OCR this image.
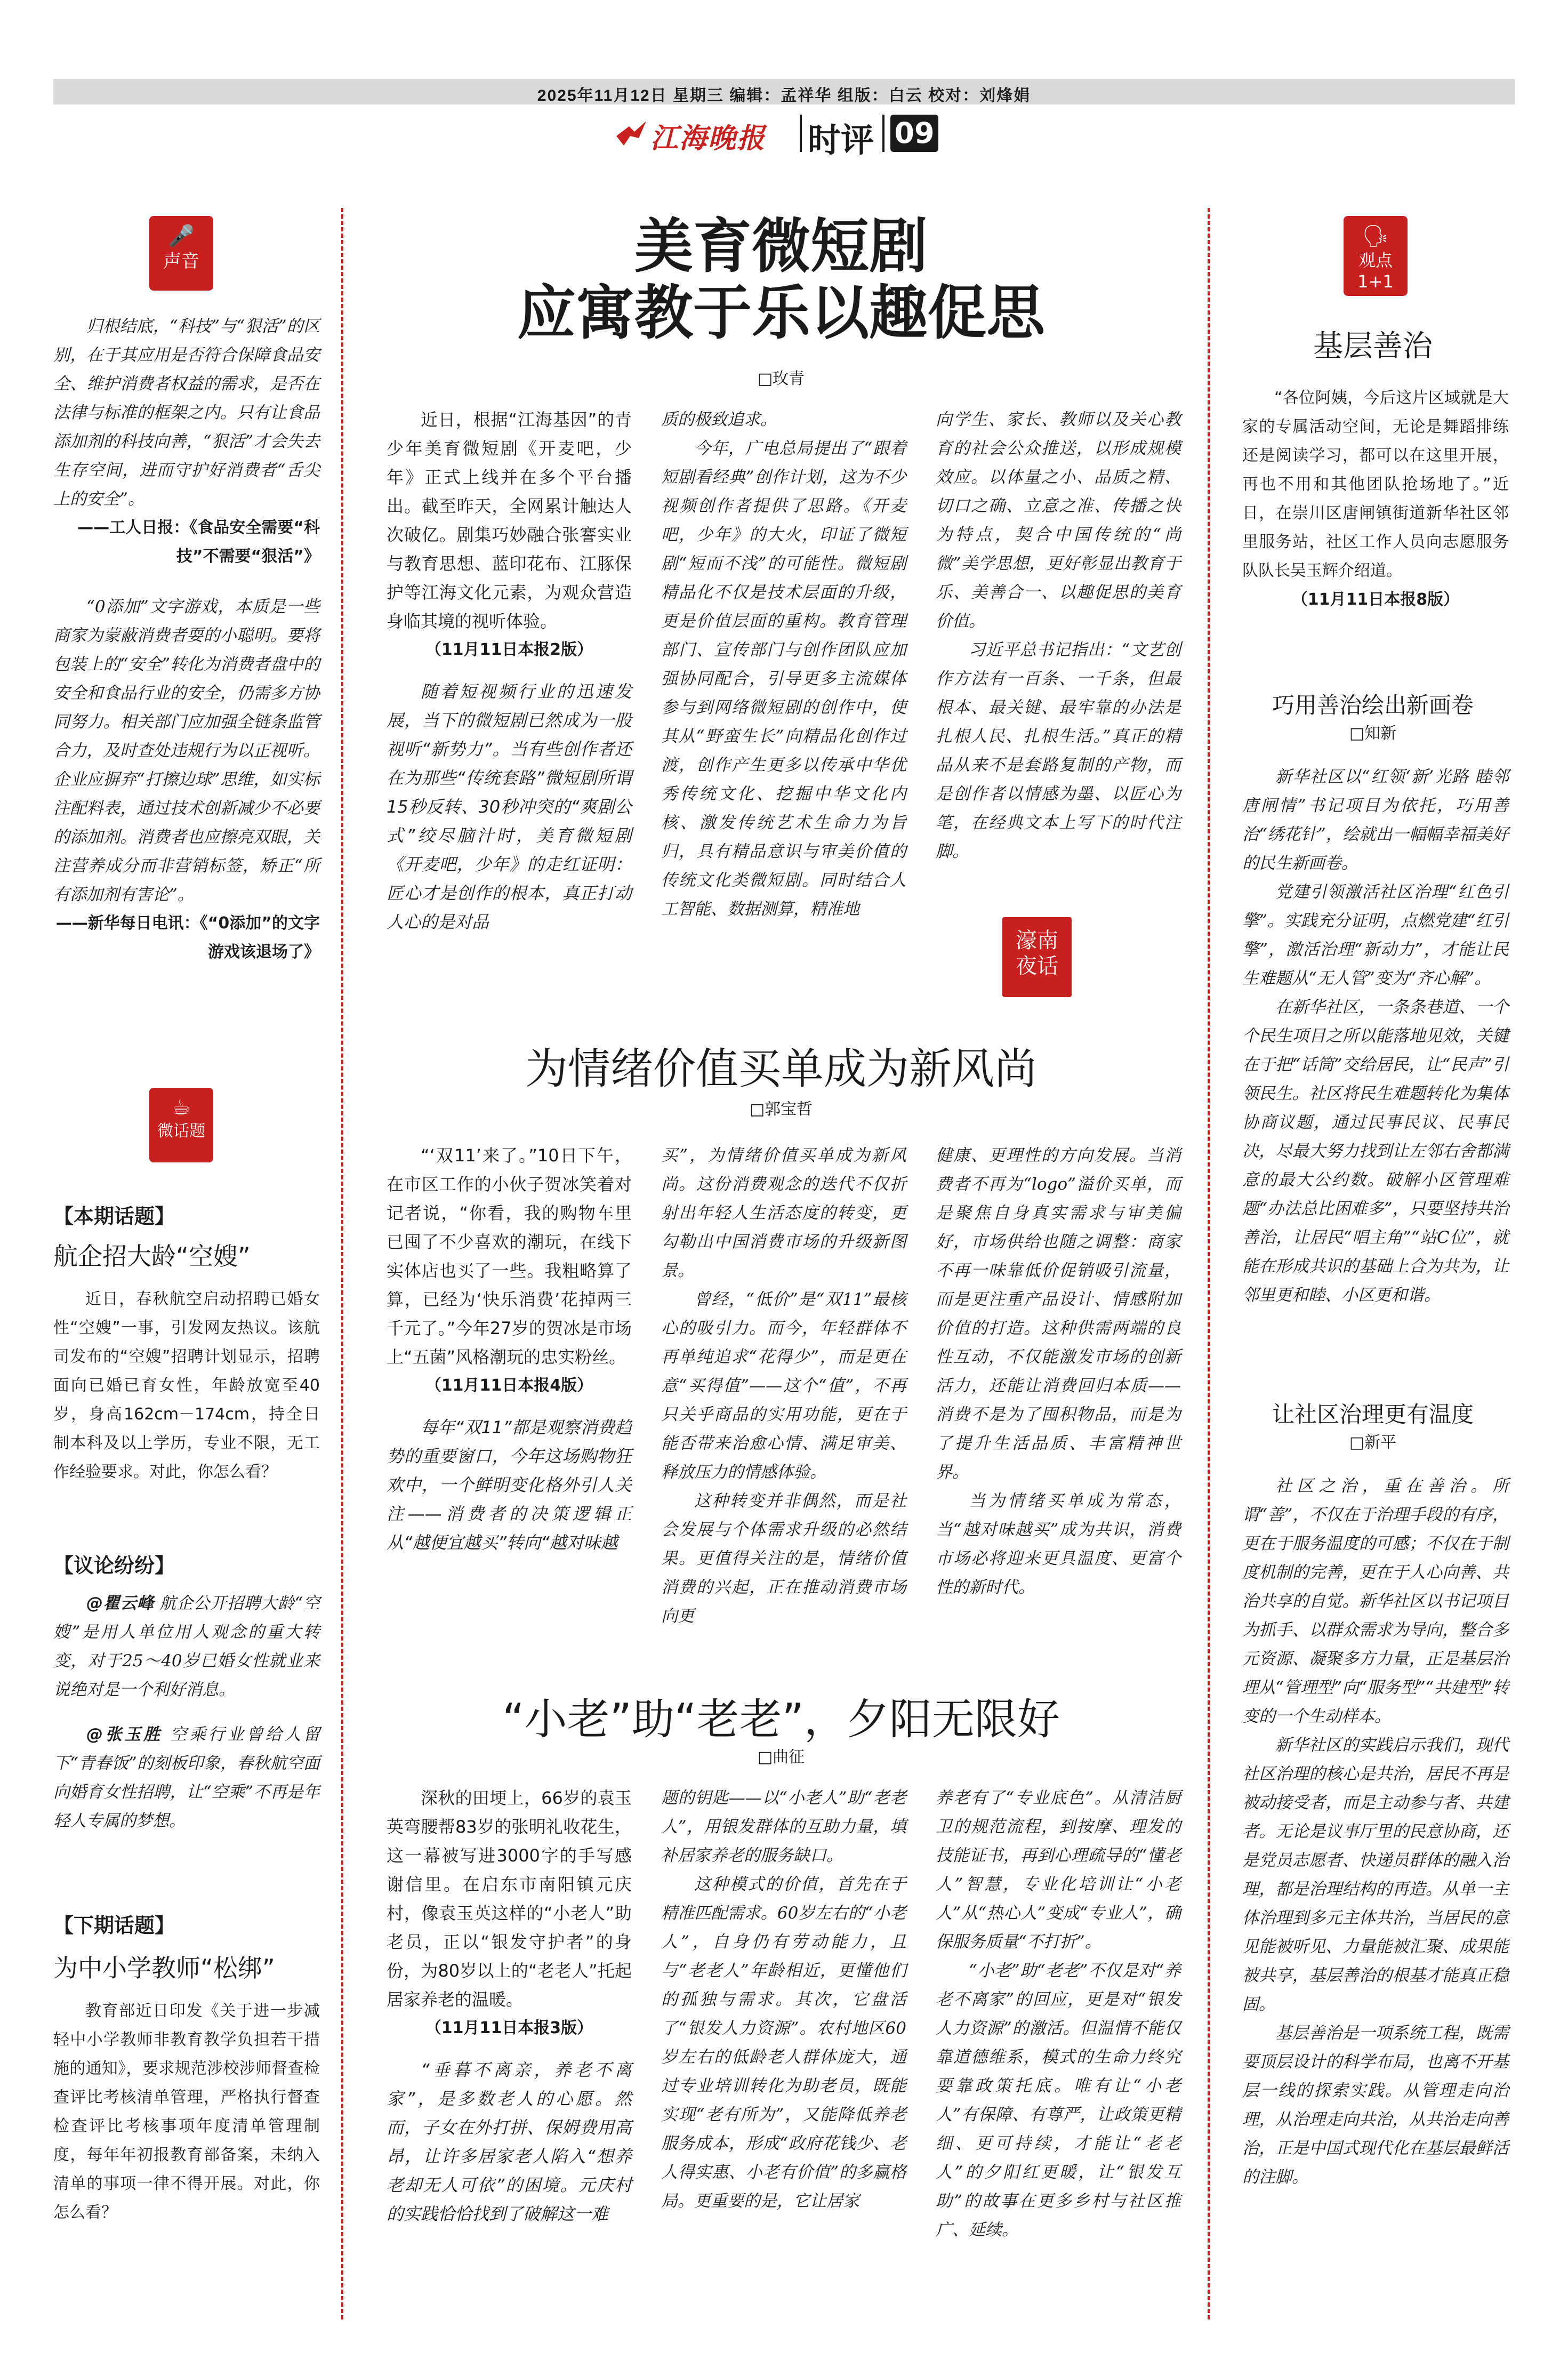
2025年11月12日 星期三 编辑：孟祥华 组版：白云 校对：刘烽娟
江海晚报 时评 09
🎤
声音

归根结底，“科技”与“狠活”的区别，在于其应用是否符合保障食品安全、维护消费者权益的需求，是否在法律与标准的框架之内。只有让食品添加剂的科技向善，“狠活”才会失去生存空间，进而守护好消费者“舌尖上的安全”。

——工人日报：《食品安全需要“科技”不需要“狠活”》

“0添加”文字游戏，本质是一些商家为蒙蔽消费者耍的小聪明。要将包装上的“安全”转化为消费者盘中的安全和食品行业的安全，仍需多方协同努力。相关部门应加强全链条监管合力，及时查处违规行为以正视听。企业应摒弃“打擦边球”思维，如实标注配料表，通过技术创新减少不必要的添加剂。消费者也应擦亮双眼，关注营养成分而非营销标签，矫正“所有添加剂有害论”。

——新华每日电讯：《“0添加”的文字游戏该退场了》

☕
微话题
【本期话题】
航企招大龄“空嫂”

近日，春秋航空启动招聘已婚女性“空嫂”一事，引发网友热议。该航司发布的“空嫂”招聘计划显示，招聘面向已婚已育女性，年龄放宽至40岁，身高162cm－174cm，持全日制本科及以上学历，专业不限，无工作经验要求。对此，你怎么看？

【议论纷纷】

@瞿云峰 航企公开招聘大龄“空嫂”是用人单位用人观念的重大转变，对于25～40岁已婚女性就业来说绝对是一个利好消息。

@张玉胜 空乘行业曾给人留下“青春饭”的刻板印象，春秋航空面向婚育女性招聘，让“空乘”不再是年轻人专属的梦想。

【下期话题】
为中小学教师“松绑”

教育部近日印发《关于进一步减轻中小学教师非教育教学负担若干措施的通知》，要求规范涉校涉师督查检查评比考核清单管理，严格执行督查检查评比考核事项年度清单管理制度，每年年初报教育部备案，未纳入清单的事项一律不得开展。对此，你怎么看？

美育微短剧
应寓教于乐以趣促思
□玫青

近日，根据“江海基因”的青少年美育微短剧《开麦吧，少年》正式上线并在多个平台播出。截至昨天，全网累计触达人次破亿。剧集巧妙融合张謇实业与教育思想、蓝印花布、江豚保护等江海文化元素，为观众营造身临其境的视听体验。

（11月11日本报2版）

随着短视频行业的迅速发展，当下的微短剧已然成为一股视听“新势力”。当有些创作者还在为那些“传统套路”微短剧所谓15秒反转、30秒冲突的“爽剧公式”绞尽脑汁时，美育微短剧《开麦吧，少年》的走红证明：匠心才是创作的根本，真正打动人心的是对品

质的极致追求。

今年，广电总局提出了“跟着短剧看经典”创作计划，这为不少视频创作者提供了思路。《开麦吧，少年》的大火，印证了微短剧“短而不浅”的可能性。微短剧精品化不仅是技术层面的升级，更是价值层面的重构。教育管理部门、宣传部门与创作团队应加强协同配合，引导更多主流媒体参与到网络微短剧的创作中，使其从“野蛮生长”向精品化创作过渡，创作产生更多以传承中华优秀传统文化、挖掘中华文化内核、激发传统艺术生命力为旨归，具有精品意识与审美价值的传统文化类微短剧。同时结合人工智能、数据测算，精准地

向学生、家长、教师以及关心教育的社会公众推送，以形成规模效应。以体量之小、品质之精、切口之确、立意之准、传播之快为特点，契合中国传统的“尚微”美学思想，更好彰显出教育于乐、美善合一、以趣促思的美育价值。

习近平总书记指出：“文艺创作方法有一百条、一千条，但最根本、最关键、最牢靠的办法是扎根人民、扎根生活。”真正的精品从来不是套路复制的产物，而是创作者以情感为墨、以匠心为笔，在经典文本上写下的时代注脚。

濠南
夜话
为情绪价值买单成为新风尚
□郭宝哲

“‘双11’来了。”10日下午，在市区工作的小伙子贺冰笑着对记者说，“你看，我的购物车里已囤了不少喜欢的潮玩，在线下实体店也买了一些。我粗略算了算，已经为‘快乐消费’花掉两三千元了。”今年27岁的贺冰是市场上“五菌”风格潮玩的忠实粉丝。

（11月11日本报4版）

每年“双11”都是观察消费趋势的重要窗口，今年这场购物狂欢中，一个鲜明变化格外引人关注——消费者的决策逻辑正从“越便宜越买”转向“越对味越

买”，为情绪价值买单成为新风尚。这份消费观念的迭代不仅折射出年轻人生活态度的转变，更勾勒出中国消费市场的升级新图景。

曾经，“低价”是“双11”最核心的吸引力。而今，年轻群体不再单纯追求“花得少”，而是更在意“买得值”——这个“值”，不再只关乎商品的实用功能，更在于能否带来治愈心情、满足审美、释放压力的情感体验。

这种转变并非偶然，而是社会发展与个体需求升级的必然结果。更值得关注的是，情绪价值消费的兴起，正在推动消费市场向更

健康、更理性的方向发展。当消费者不再为“logo”溢价买单，而是聚焦自身真实需求与审美偏好，市场供给也随之调整：商家不再一味靠低价促销吸引流量，而是更注重产品设计、情感附加价值的打造。这种供需两端的良性互动，不仅能激发市场的创新活力，还能让消费回归本质——消费不是为了囤积物品，而是为了提升生活品质、丰富精神世界。

当为情绪买单成为常态，当“越对味越买”成为共识，消费市场必将迎来更具温度、更富个性的新时代。

“小老”助“老老”，夕阳无限好
□曲征

深秋的田埂上，66岁的袁玉英弯腰帮83岁的张明礼收花生，这一幕被写进3000字的手写感谢信里。在启东市南阳镇元庆村，像袁玉英这样的“小老人”助老员，正以“银发守护者”的身份，为80岁以上的“老老人”托起居家养老的温暖。

（11月11日本报3版）

“垂暮不离亲，养老不离家”，是多数老人的心愿。然而，子女在外打拼、保姆费用高昂，让许多居家老人陷入“想养老却无人可依”的困境。元庆村的实践恰恰找到了破解这一难

题的钥匙——以“小老人”助“老老人”，用银发群体的互助力量，填补居家养老的服务缺口。

这种模式的价值，首先在于精准匹配需求。60岁左右的“小老人”，自身仍有劳动能力，且与“老老人”年龄相近，更懂他们的孤独与需求。其次，它盘活了“银发人力资源”。农村地区60岁左右的低龄老人群体庞大，通过专业培训转化为助老员，既能实现“老有所为”，又能降低养老服务成本，形成“政府花钱少、老人得实惠、小老有价值”的多赢格局。更重要的是，它让居家

养老有了“专业底色”。从清洁厨卫的规范流程，到按摩、理发的技能证书，再到心理疏导的“懂老人”智慧，专业化培训让“小老人”从“热心人”变成“专业人”，确保服务质量“不打折”。

“小老”助“老老”不仅是对“养老不离家”的回应，更是对“银发人力资源”的激活。但温情不能仅靠道德维系，模式的生命力终究要靠政策托底。唯有让“小老人”有保障、有尊严，让政策更精细、更可持续，才能让“老老人”的夕阳红更暖，让“银发互助”的故事在更多乡村与社区推广、延续。

🗣
观点
1+1
基层善治

“各位阿姨，今后这片区域就是大家的专属活动空间，无论是舞蹈排练还是阅读学习，都可以在这里开展，再也不用和其他团队抢场地了。”近日，在崇川区唐闸镇街道新华社区邻里服务站，社区工作人员向志愿服务队队长吴玉辉介绍道。

（11月11日本报8版）

巧用善治绘出新画卷
□知新

新华社区以“红领‘新’光路 睦邻唐闸情”书记项目为依托，巧用善治“绣花针”，绘就出一幅幅幸福美好的民生新画卷。

党建引领激活社区治理“红色引擎”。实践充分证明，点燃党建“红引擎”，激活治理“新动力”，才能让民生难题从“无人管”变为“齐心解”。

在新华社区，一条条巷道、一个个民生项目之所以能落地见效，关键在于把“话筒”交给居民，让“民声”引领民生。社区将民生难题转化为集体协商议题，通过民事民议、民事民决，尽最大努力找到让左邻右舍都满意的最大公约数。破解小区管理难题“办法总比困难多”，只要坚持共治善治，让居民“唱主角”“站C位”，就能在形成共识的基础上合为共为，让邻里更和睦、小区更和谐。

让社区治理更有温度
□新平

社区之治，重在善治。所谓“善”，不仅在于治理手段的有序，更在于服务温度的可感；不仅在于制度机制的完善，更在于人心向善、共治共享的自觉。新华社区以书记项目为抓手、以群众需求为导向，整合多元资源、凝聚多方力量，正是基层治理从“管理型”向“服务型”“共建型”转变的一个生动样本。

新华社区的实践启示我们，现代社区治理的核心是共治，居民不再是被动接受者，而是主动参与者、共建者。无论是议事厅里的民意协商，还是党员志愿者、快递员群体的融入治理，都是治理结构的再造。从单一主体治理到多元主体共治，当居民的意见能被听见、力量能被汇聚、成果能被共享，基层善治的根基才能真正稳固。

基层善治是一项系统工程，既需要顶层设计的科学布局，也离不开基层一线的探索实践。从管理走向治理，从治理走向共治，从共治走向善治，正是中国式现代化在基层最鲜活的注脚。
